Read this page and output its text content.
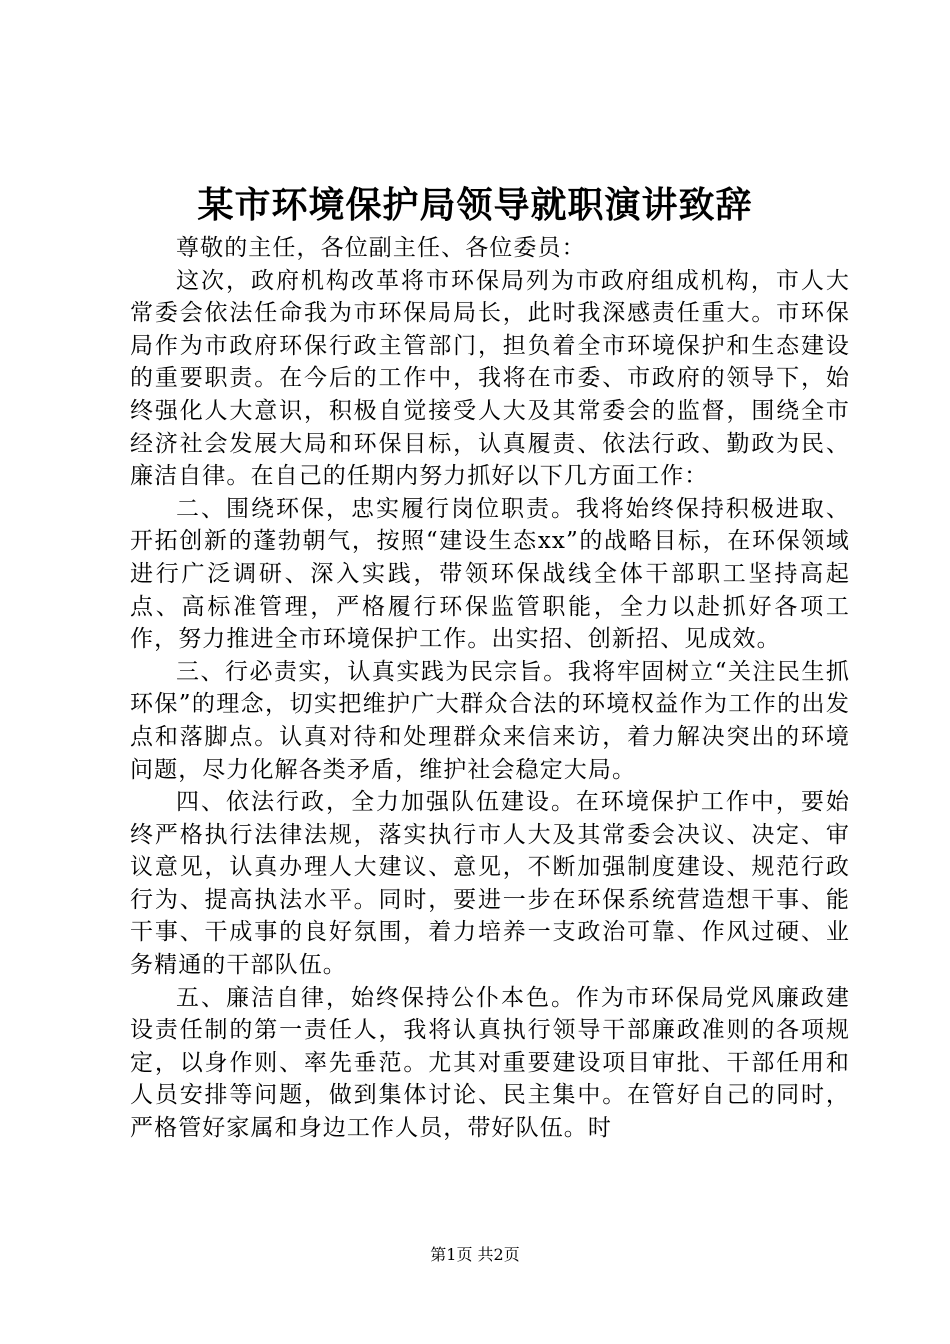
某市环境保护局领导就职演讲致辞

尊敬的主任，各位副主任、各位委员：

这次，政府机构改革将市环保局列为市政府组成机构，市人大常委会依法任命我为市环保局局长，此时我深感责任重大。市环保局作为市政府环保行政主管部门，担负着全市环境保护和生态建设的重要职责。在今后的工作中，我将在市委、市政府的领导下，始终强化人大意识，积极自觉接受人大及其常委会的监督，围绕全市经济社会发展大局和环保目标，认真履责、依法行政、勤政为民、廉洁自律。在自己的任期内努力抓好以下几方面工作：

二、围绕环保，忠实履行岗位职责。我将始终保持积极进取、开拓创新的蓬勃朝气，按照“建设生态xx”的战略目标，在环保领域进行广泛调研、深入实践，带领环保战线全体干部职工坚持高起点、高标准管理，严格履行环保监管职能，全力以赴抓好各项工作，努力推进全市环境保护工作。出实招、创新招、见成效。

三、行必责实，认真实践为民宗旨。我将牢固树立“关注民生抓环保”的理念，切实把维护广大群众合法的环境权益作为工作的出发点和落脚点。认真对待和处理群众来信来访，着力解决突出的环境问题，尽力化解各类矛盾，维护社会稳定大局。

四、依法行政，全力加强队伍建设。在环境保护工作中，要始终严格执行法律法规，落实执行市人大及其常委会决议、决定、审议意见，认真办理人大建议、意见，不断加强制度建设、规范行政行为、提高执法水平。同时，要进一步在环保系统营造想干事、能干事、干成事的良好氛围，着力培养一支政治可靠、作风过硬、业务精通的干部队伍。

五、廉洁自律，始终保持公仆本色。作为市环保局党风廉政建设责任制的第一责任人，我将认真执行领导干部廉政准则的各项规定，以身作则、率先垂范。尤其对重要建设项目审批、干部任用和人员安排等问题，做到集体讨论、民主集中。在管好自己的同时，严格管好家属和身边工作人员，带好队伍。时

第1页 共2页
